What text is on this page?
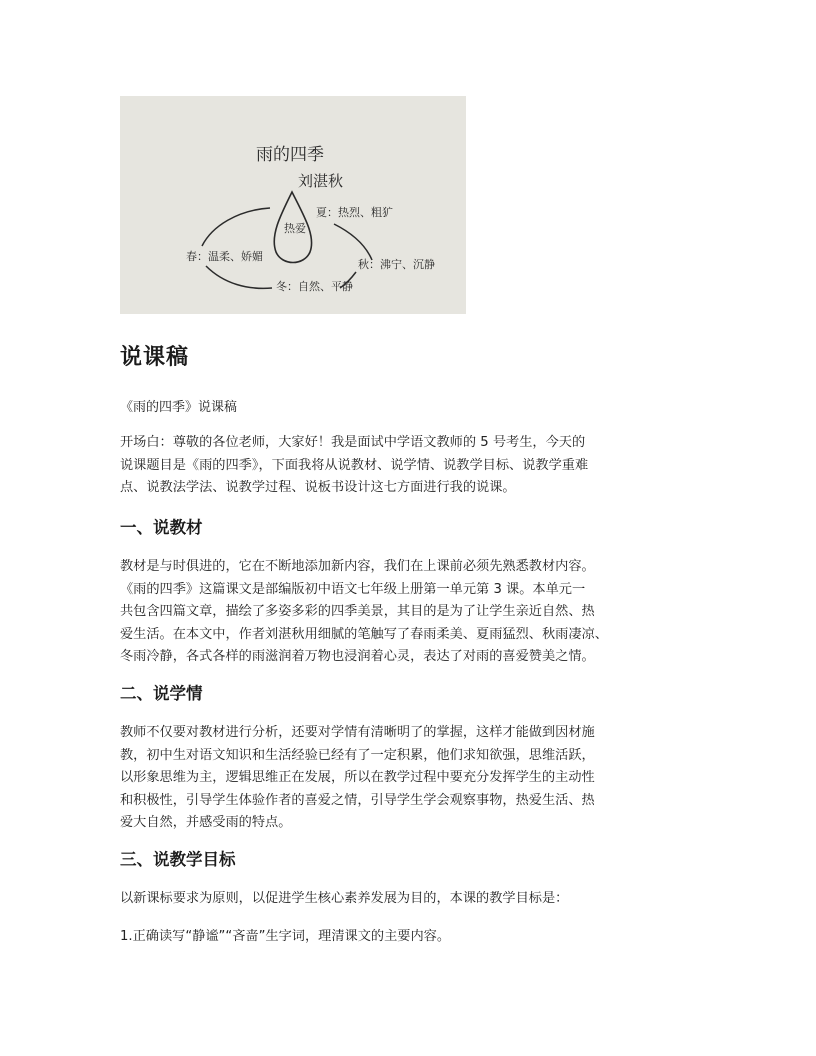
雨的四季
刘湛秋
热爱
夏：热烈、粗犷
春：温柔、娇媚
秋：沸宁、沉静
冬：自然、平静
说课稿
《雨的四季》说课稿
开场白：尊敬的各位老师，大家好！我是面试中学语文教师的 5 号考生，今天的
说课题目是《雨的四季》，下面我将从说教材、说学情、说教学目标、说教学重难
点、说教法学法、说教学过程、说板书设计这七方面进行我的说课。
一、说教材
教材是与时俱进的，它在不断地添加新内容，我们在上课前必须先熟悉教材内容。
《雨的四季》这篇课文是部编版初中语文七年级上册第一单元第 3 课。本单元一
共包含四篇文章，描绘了多姿多彩的四季美景，其目的是为了让学生亲近自然、热
爱生活。在本文中，作者刘湛秋用细腻的笔触写了春雨柔美、夏雨猛烈、秋雨凄凉、
冬雨冷静，各式各样的雨滋润着万物也浸润着心灵，表达了对雨的喜爱赞美之情。
二、说学情
教师不仅要对教材进行分析，还要对学情有清晰明了的掌握，这样才能做到因材施
教，初中生对语文知识和生活经验已经有了一定积累，他们求知欲强，思维活跃，
以形象思维为主，逻辑思维正在发展，所以在教学过程中要充分发挥学生的主动性
和积极性，引导学生体验作者的喜爱之情，引导学生学会观察事物，热爱生活、热
爱大自然，并感受雨的特点。
三、说教学目标
以新课标要求为原则，以促进学生核心素养发展为目的，本课的教学目标是：
1.正确读写“静谧”“吝啬”生字词，理清课文的主要内容。
